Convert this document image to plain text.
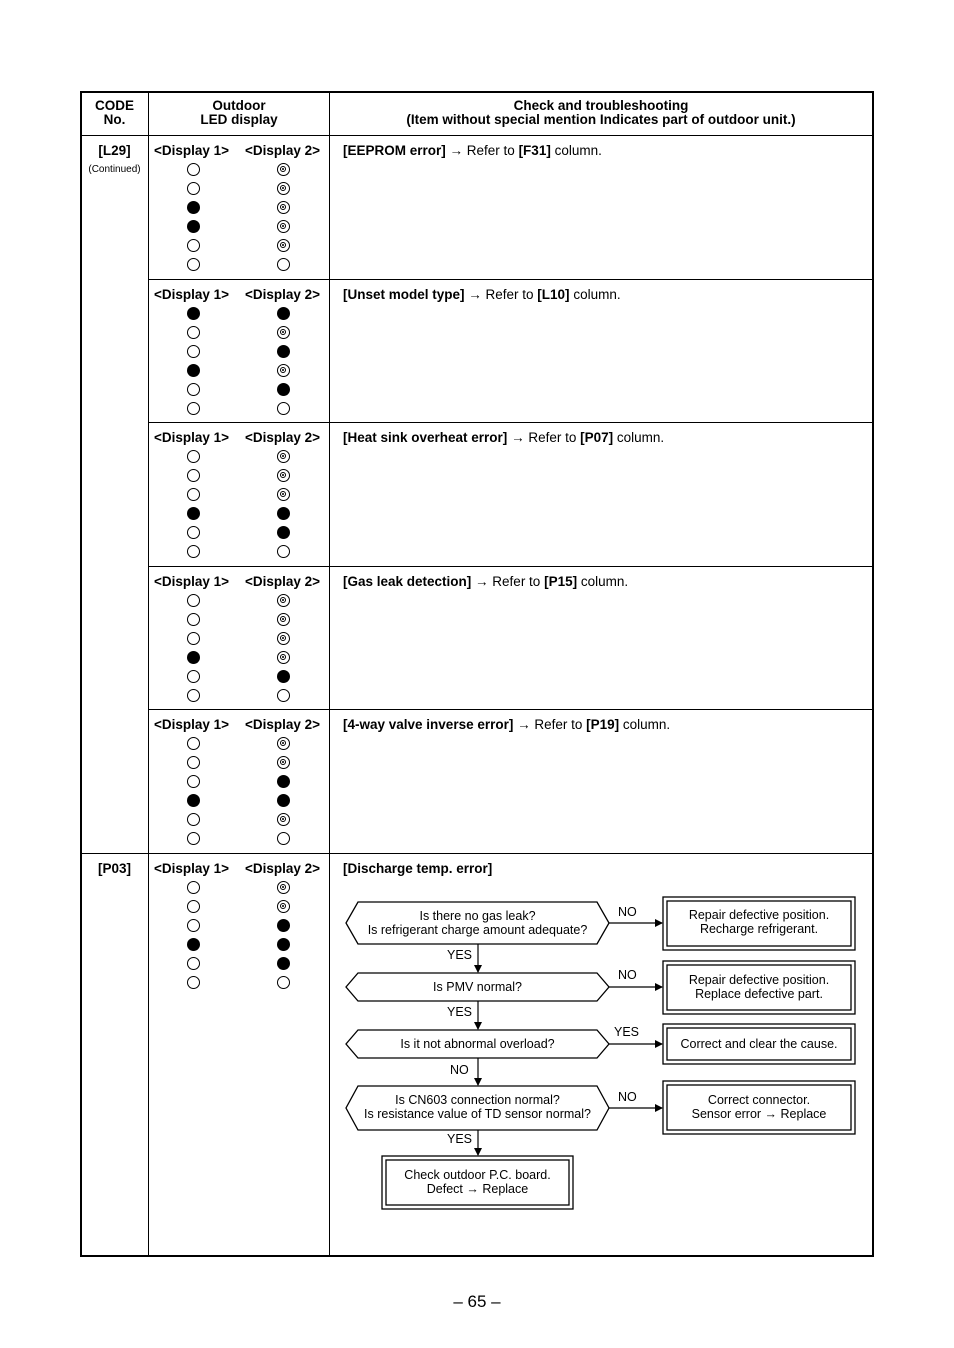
CODE
No.
Outdoor
LED display
Check and troubleshooting
(Item without special mention Indicates part of outdoor unit.)
[L29]
(Continued)
[P03]
<Display 1> <Display 2> [EEPROM error] → Refer to [F31] column.
<Display 1> <Display 2> [Unset model type] → Refer to [L10] column.
<Display 1> <Display 2> [Heat sink overheat error] → Refer to [P07] column.
<Display 1> <Display 2> [Gas leak detection] → Refer to [P15] column.
<Display 1> <Display 2> [4-way valve inverse error] → Refer to [P19] column.
<Display 1> <Display 2> [Discharge temp. error]
Is there no gas leak?
Is refrigerant charge amount adequate?
NO
YES
Repair defective position.
Recharge refrigerant.
Is PMV normal?
NO
YES
Repair defective position.
Replace defective part.
Is it not abnormal overload?
YES
NO
Correct and clear the cause.
Is CN603 connection normal?
Is resistance value of TD sensor normal?
NO
YES
Correct connector.
Sensor error → Replace
Check outdoor P.C. board.
Defect → Replace
– 65 –
